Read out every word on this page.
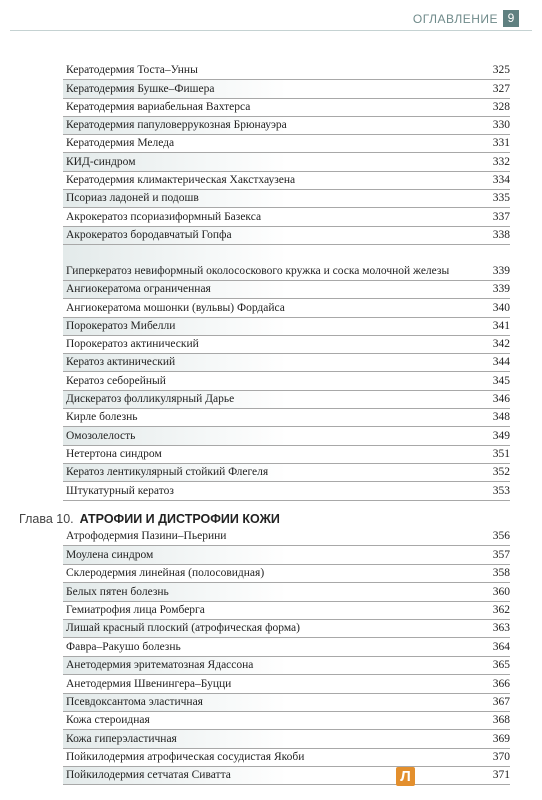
ОГЛАВЛЕНИЕ 9
Кератодермия Тоста–Унны	325
Кератодермия Бушке–Фишера	327
Кератодермия вариабельная Вахтерса	328
Кератодермия папуловеррукозная Брюнауэра	330
Кератодермия Меледа	331
КИД-синдром	332
Кератодермия климактерическая Хакстхаузена	334
Псориаз ладоней и подошв	335
Акрокератоз псориазиформный Базекса	337
Акрокератоз бородавчатый Гопфа	338
Гиперкератоз невиформный околососкового кружка и соска молочной железы	339
Ангиокератома ограниченная	339
Ангиокератома мошонки (вульвы) Фордайса	340
Порокератоз Мибелли	341
Порокератоз актинический	342
Кератоз актинический	344
Кератоз себорейный	345
Дискератоз фолликулярный Дарье	346
Кирле болезнь	348
Омозолелость	349
Нетертона синдром	351
Кератоз лентикулярный стойкий Флегеля	352
Штукатурный кератоз	353
Глава 10. АТРОФИИ И ДИСТРОФИИ КОЖИ
Атрофодермия Пазини–Пьерини	356
Моулена синдром	357
Склеродермия линейная (полосовидная)	358
Белых пятен болезнь	360
Гемиатрофия лица Ромберга	362
Лишай красный плоский (атрофическая форма)	363
Фавра–Ракушо болезнь	364
Анетодермия эритематозная Ядассона	365
Анетодермия Швенингера–Буцци	366
Псевдоксантома эластичная	367
Кожа стероидная	368
Кожа гиперэластичная	369
Пойкилодермия атрофическая сосудистая Якоби	370
Пойкилодермия сетчатая Сиватта	371
Л
